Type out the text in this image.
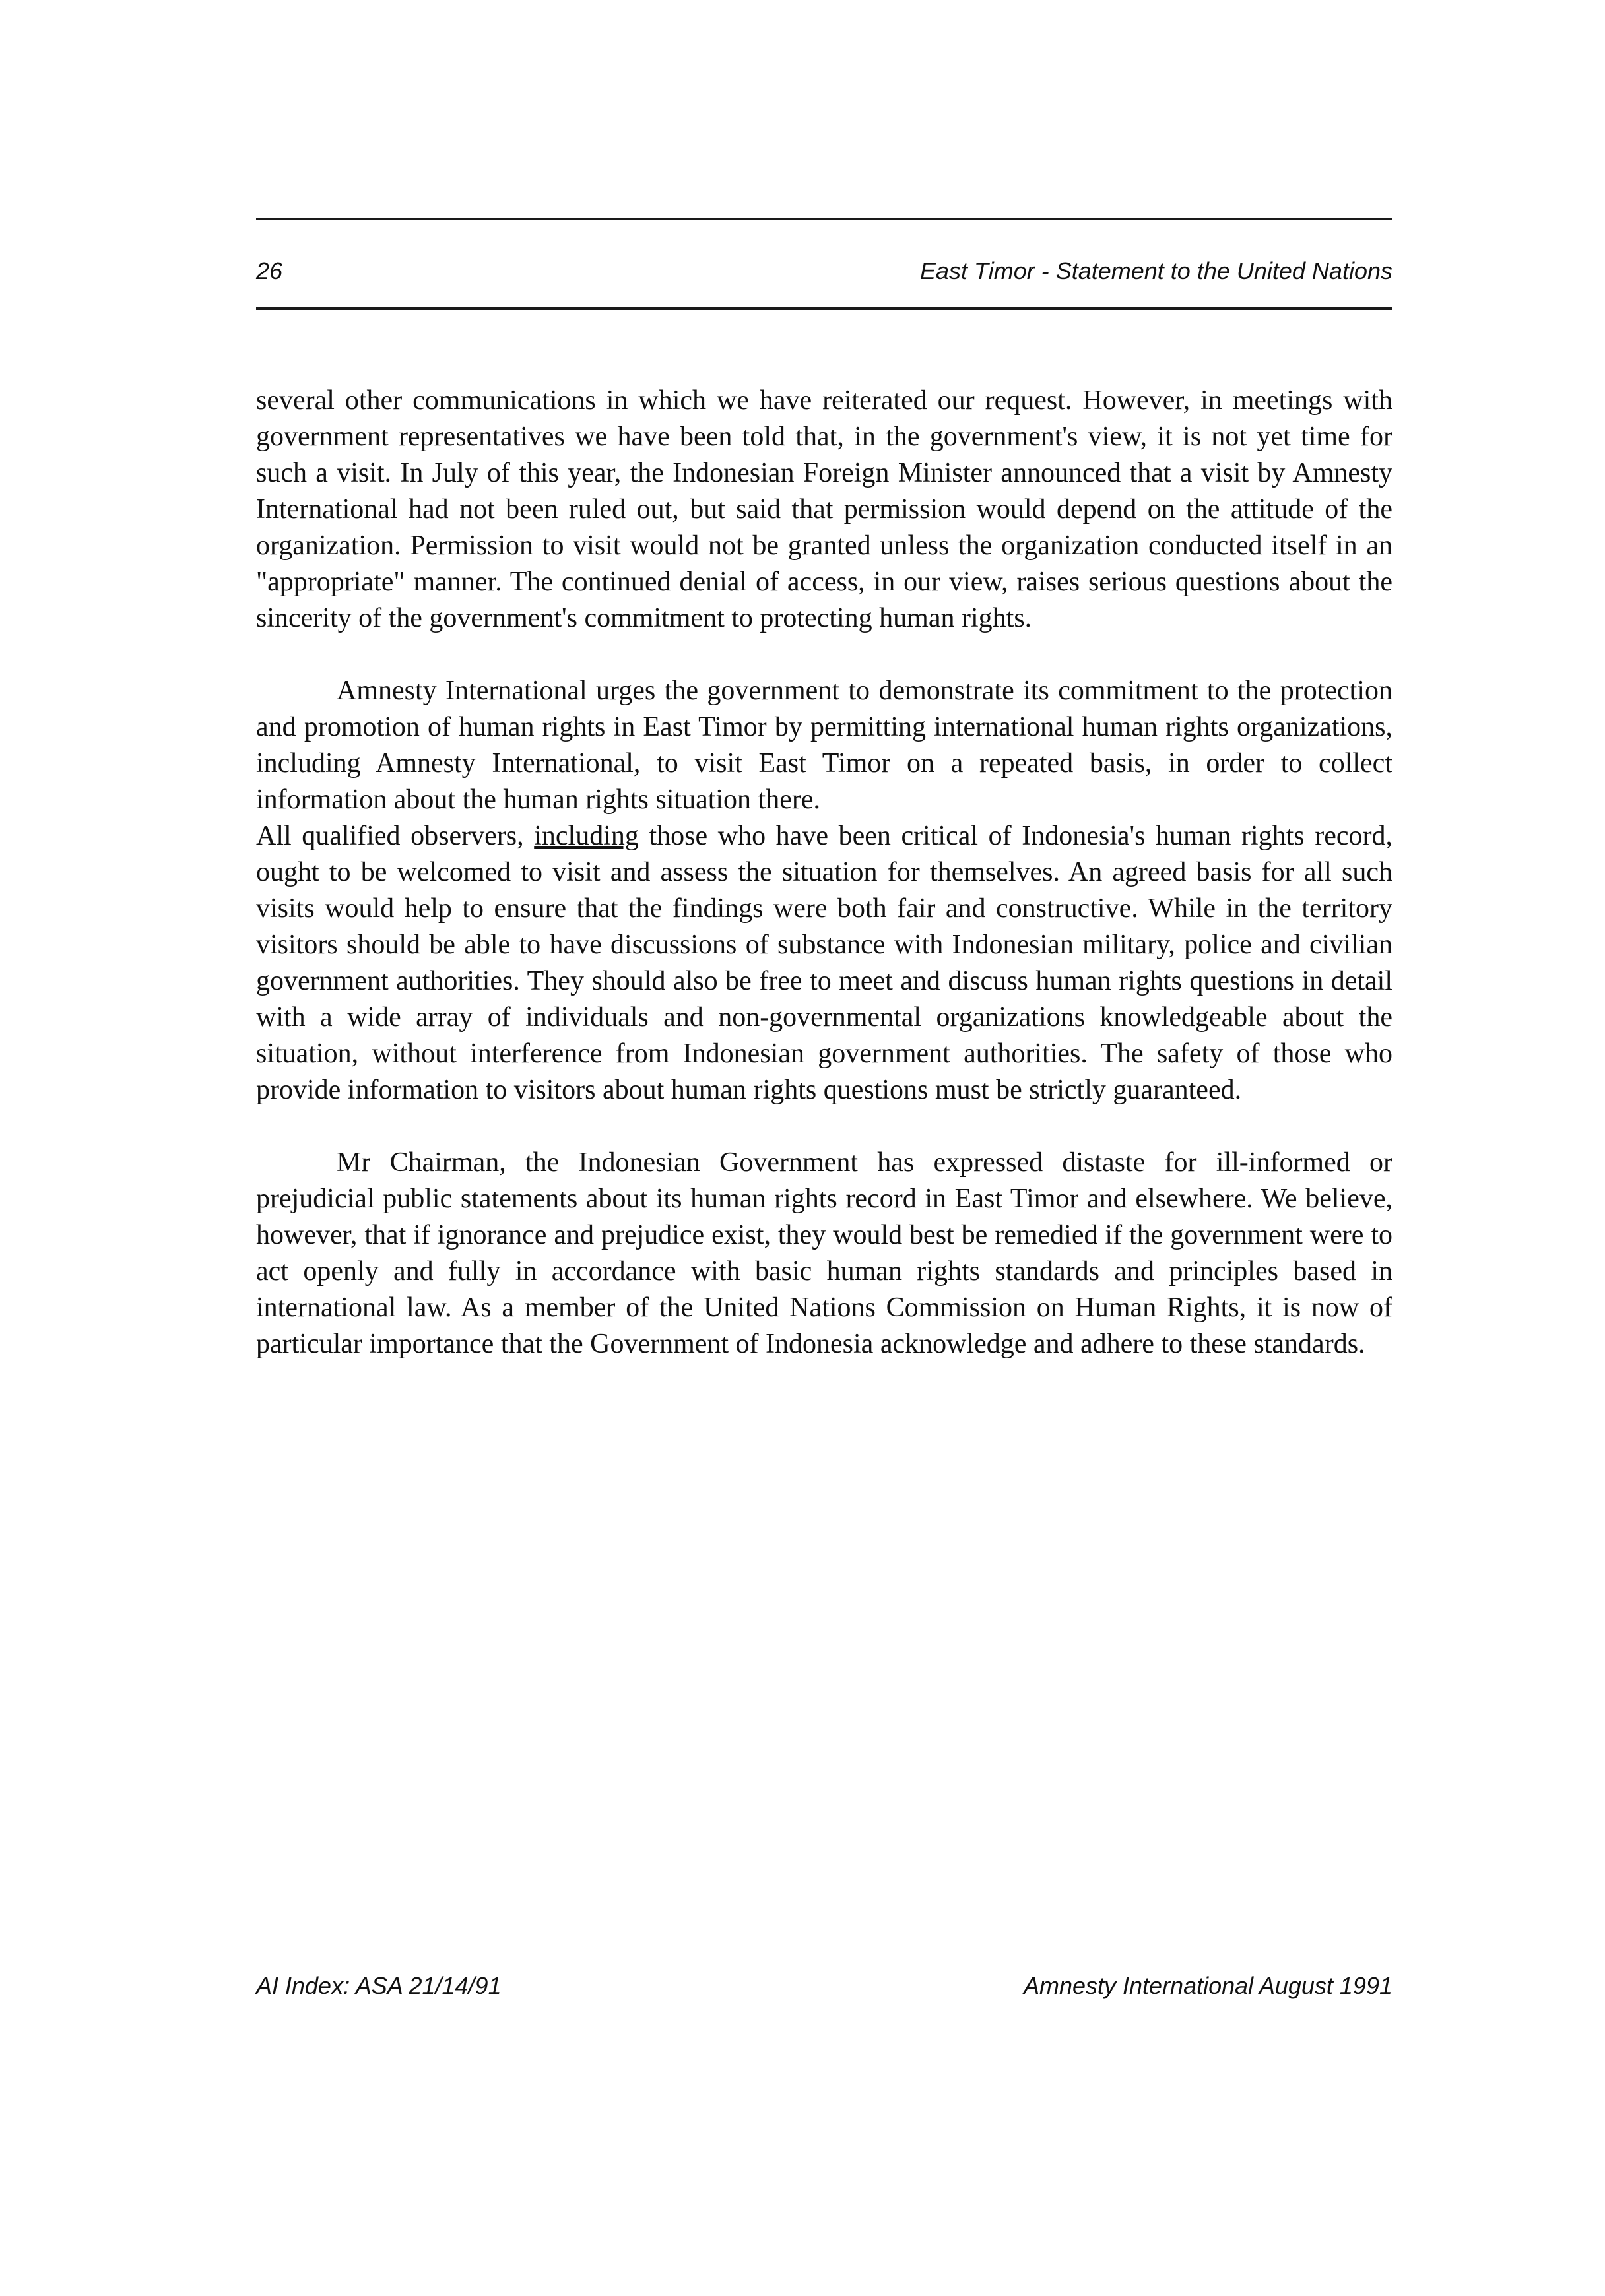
26	East Timor - Statement to the United Nations

several other communications in which we have reiterated our request. However, in meetings with government representatives we have been told that, in the government's view, it is not yet time for such a visit. In July of this year, the Indonesian Foreign Minister announced that a visit by Amnesty International had not been ruled out, but said that permission would depend on the attitude of the organization. Permission to visit would not be granted unless the organization conducted itself in an "appropriate" manner. The continued denial of access, in our view, raises serious questions about the sincerity of the government's commitment to protecting human rights.

Amnesty International urges the government to demonstrate its commitment to the protection and promotion of human rights in East Timor by permitting international human rights organizations, including Amnesty International, to visit East Timor on a repeated basis, in order to collect information about the human rights situation there.
All qualified observers, including those who have been critical of Indonesia's human rights record, ought to be welcomed to visit and assess the situation for themselves. An agreed basis for all such visits would help to ensure that the findings were both fair and constructive. While in the territory visitors should be able to have discussions of substance with Indonesian military, police and civilian government authorities. They should also be free to meet and discuss human rights questions in detail with a wide array of individuals and non-governmental organizations knowledgeable about the situation, without interference from Indonesian government authorities. The safety of those who provide information to visitors about human rights questions must be strictly guaranteed.

Mr Chairman, the Indonesian Government has expressed distaste for ill-informed or prejudicial public statements about its human rights record in East Timor and elsewhere. We believe, however, that if ignorance and prejudice exist, they would best be remedied if the government were to act openly and fully in accordance with basic human rights standards and principles based in international law. As a member of the United Nations Commission on Human Rights, it is now of particular importance that the Government of Indonesia acknowledge and adhere to these standards.

AI Index: ASA 21/14/91	Amnesty International August 1991
